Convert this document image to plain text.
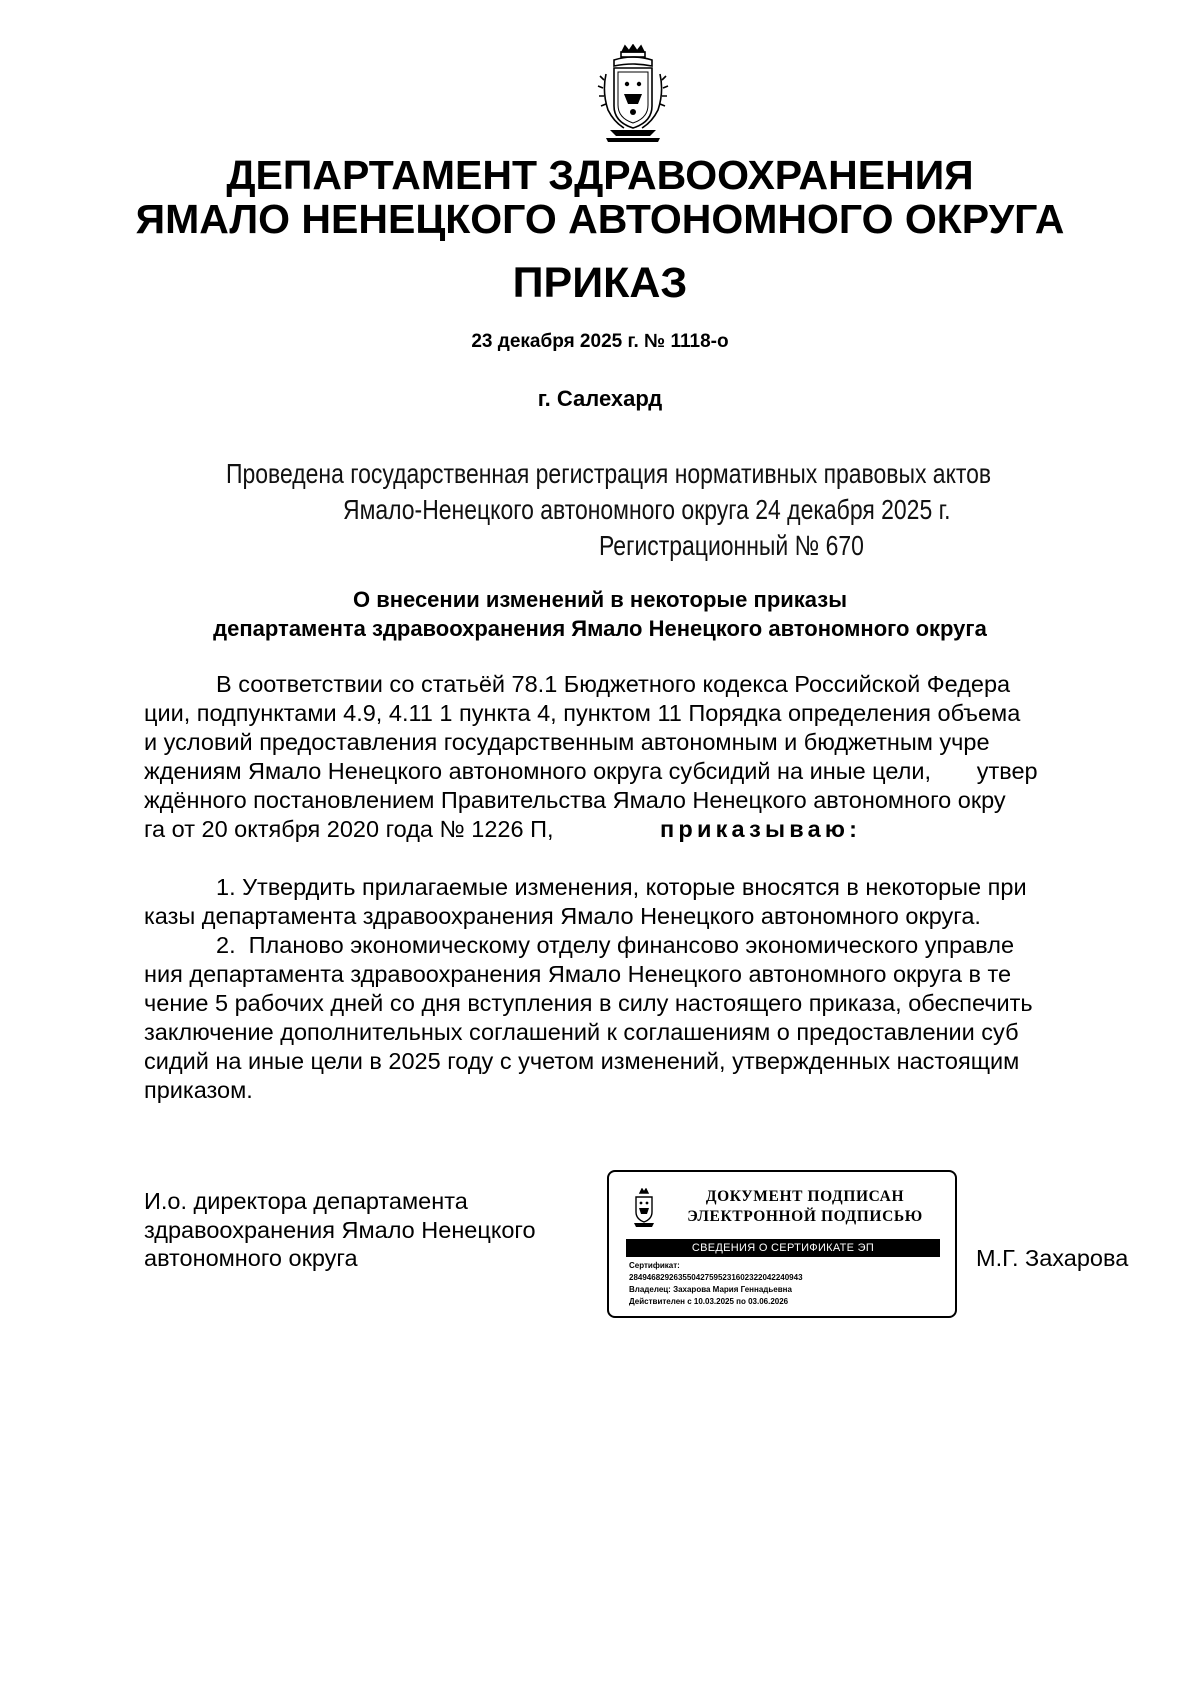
ДЕПАРТАМЕНТ ЗДРАВООХРАНЕНИЯ
ЯМАЛО НЕНЕЦКОГО АВТОНОМНОГО ОКРУГА
ПРИКАЗ
23 декабря 2025 г. № 1118-о
г. Салехард
Проведена государственная регистрация нормативных правовых актов
Ямало-Ненецкого автономного округа 24 декабря 2025 г.
Регистрационный № 670
О внесении изменений в некоторые приказы
департамента здравоохранения Ямало Ненецкого автономного округа
В соответствии со статьёй 78.1 Бюджетного кодекса Российской Федера
ции, подпунктами 4.9, 4.11 1 пункта 4, пунктом 11 Порядка определения объема
и условий предоставления государственным автономным и бюджетным учре
ждениям Ямало Ненецкого автономного округа субсидий на иные цели,       утвер
ждённого постановлением Правительства Ямало Ненецкого автономного окру
га от 20 октября 2020 года № 1226 П,	приказываю:
1. Утвердить прилагаемые изменения, которые вносятся в некоторые при
казы департамента здравоохранения Ямало Ненецкого автономного округа.
2.  Планово экономическому отделу финансово экономического управле
ния департамента здравоохранения Ямало Ненецкого автономного округа в те
чение 5 рабочих дней со дня вступления в силу настоящего приказа, обеспечить
заключение дополнительных соглашений к соглашениям о предоставлении суб
сидий на иные цели в 2025 году с учетом изменений, утвержденных настоящим
приказом.
И.о. директора департамента
здравоохранения Ямало Ненецкого
автономного округа
ДОКУМЕНТ ПОДПИСАН
ЭЛЕКТРОННОЙ ПОДПИСЬЮ
СВЕДЕНИЯ О СЕРТИФИКАТЕ ЭП
Сертификат:
284946829263550427595231602322042240943
Владелец: Захарова Мария Геннадьевна
Действителен с 10.03.2025 по 03.06.2026
М.Г. Захарова
